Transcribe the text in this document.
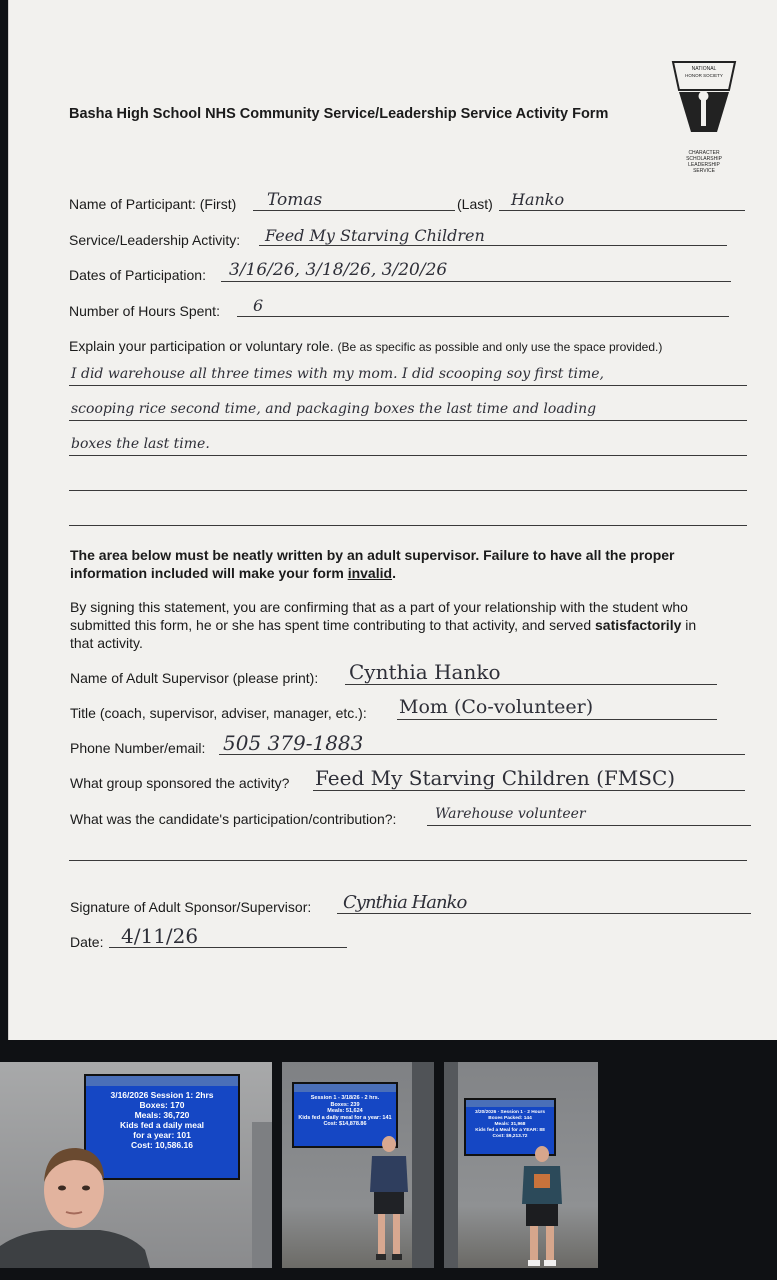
Basha High School NHS Community Service/Leadership Service Activity Form
NATIONAL
HONOR SOCIETY
CHARACTER
SCHOLARSHIP
LEADERSHIP
SERVICE
Name of Participant: (First) Tomas	(Last) Hanko
Service/Leadership Activity: Feed My Starving Children
Dates of Participation: 3/16/26, 3/18/26, 3/20/26
Number of Hours Spent: 6
Explain your participation or voluntary role. (Be as specific as possible and only use the space provided.)
I did warehouse all three times with my mom. I did scooping soy first time,
scooping rice second time, and packaging boxes the last time and loading
boxes the last time.
The area below must be neatly written by an adult supervisor. Failure to have all the proper
information included will make your form invalid.
By signing this statement, you are confirming that as a part of your relationship with the student who
submitted this form, he or she has spent time contributing to that activity, and served satisfactorily in
that activity.
Name of Adult Supervisor (please print): Cynthia Hanko
Title (coach, supervisor, adviser, manager, etc.): Mom (Co-volunteer)
Phone Number/email: 505 379-1883
What group sponsored the activity? Feed My Starving Children (FMSC)
What was the candidate's participation/contribution?:	Warehouse volunteer
Signature of Adult Sponsor/Supervisor: Cynthia Hanko
Date: 4/11/26
3/16/2026 Session 1: 2hrs
Boxes: 170
Meals: 36,720
Kids fed a daily meal
for a year: 101
Cost: 10,586.16
Session 1 - 3/18/26 - 2 hrs.
Boxes: 239
Meals: 51,624
Kids fed a daily meal for a year: 141
Cost: $14,878.86
3/20/2026 · Session 1 · 2 Hours
Boxes Packed: 144
Meals: 31,968
Kids fed a Meal for a YEAR: 88
Cost: $9,213.72
